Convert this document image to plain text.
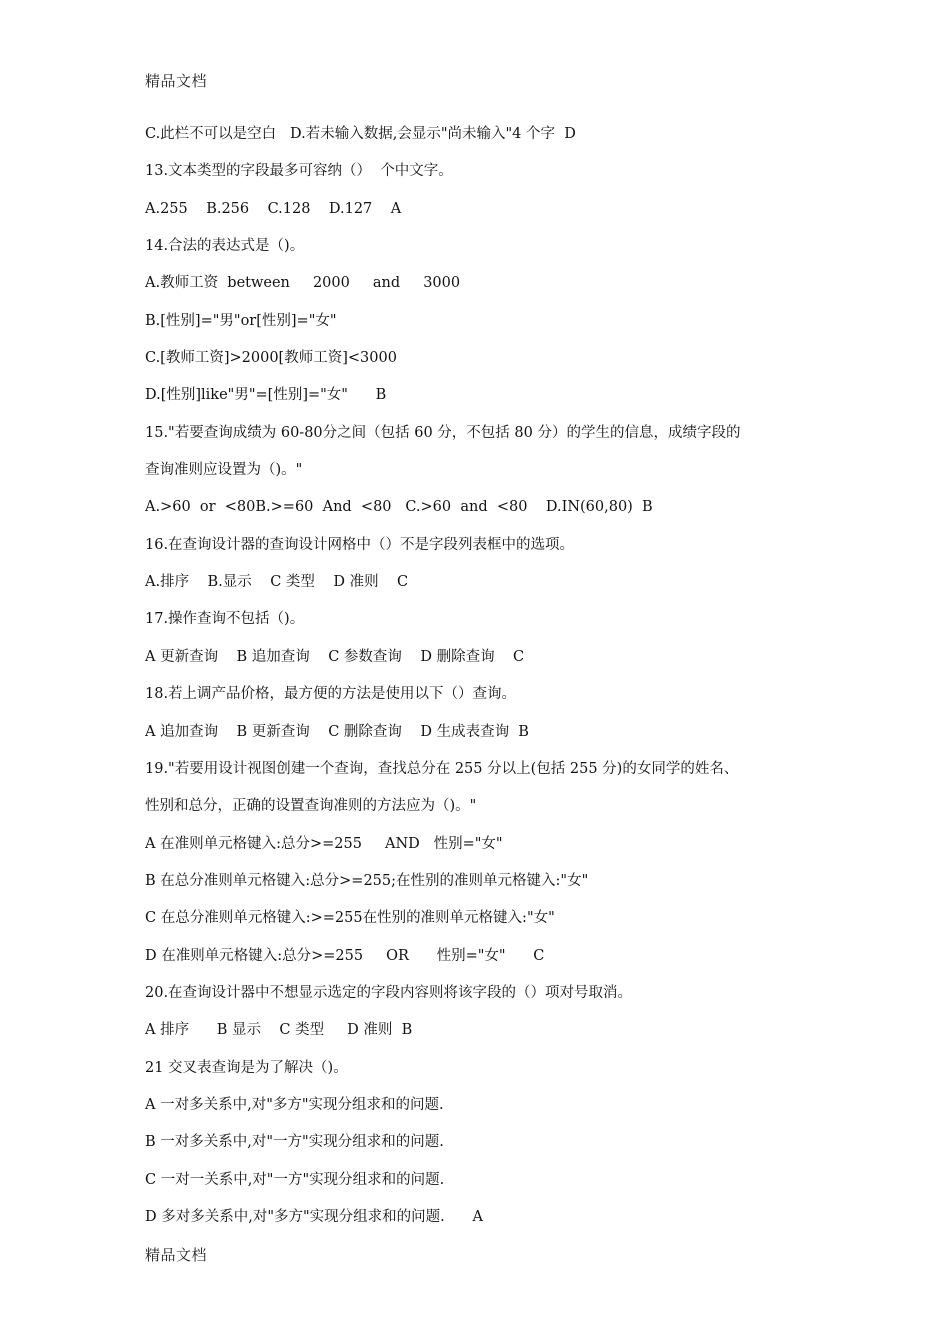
精品文档
C.此栏不可以是空白   D.若未输入数据,会显示"尚未输入"4 个字  D
13.文本类型的字段最多可容纳（）  个中文字。
A.255    B.256    C.128    D.127    A
14.合法的表达式是（)。
A.教师工资  between     2000     and     3000
B.[性别]="男"or[性别]="女"
C.[教师工资]>2000[教师工资]<3000
D.[性别]like"男"=[性别]="女"      B
15."若要查询成绩为 60-80分之间（包括 60 分，不包括 80 分）的学生的信息，成绩字段的
查询准则应设置为（)。"
A.>60  or  <80B.>=60  And  <80   C.>60  and  <80    D.IN(60,80)  B
16.在查询设计器的查询设计网格中（）不是字段列表框中的选项。
A.排序    B.显示    C 类型    D 准则    C
17.操作查询不包括（)。
A 更新查询    B 追加查询    C 参数查询    D 删除查询    C
18.若上调产品价格，最方便的方法是使用以下（）查询。
A 追加查询    B 更新查询    C 删除查询    D 生成表查询  B
19."若要用设计视图创建一个查询，查找总分在 255 分以上(包括 255 分)的女同学的姓名、
性别和总分，正确的设置查询准则的方法应为（)。"
A 在准则单元格键入:总分>=255     AND   性别="女"
B 在总分准则单元格键入:总分>=255;在性别的准则单元格键入:"女"
C 在总分准则单元格键入:>=255在性别的准则单元格键入:"女"
D 在准则单元格键入:总分>=255     OR      性别="女"      C
20.在查询设计器中不想显示选定的字段内容则将该字段的（）项对号取消。
A 排序      B 显示    C 类型     D 准则  B
21 交叉表查询是为了解决（)。
A 一对多关系中,对"多方"实现分组求和的问题.
B 一对多关系中,对"一方"实现分组求和的问题.
C 一对一关系中,对"一方"实现分组求和的问题.
D 多对多关系中,对"多方"实现分组求和的问题.      A
精品文档
